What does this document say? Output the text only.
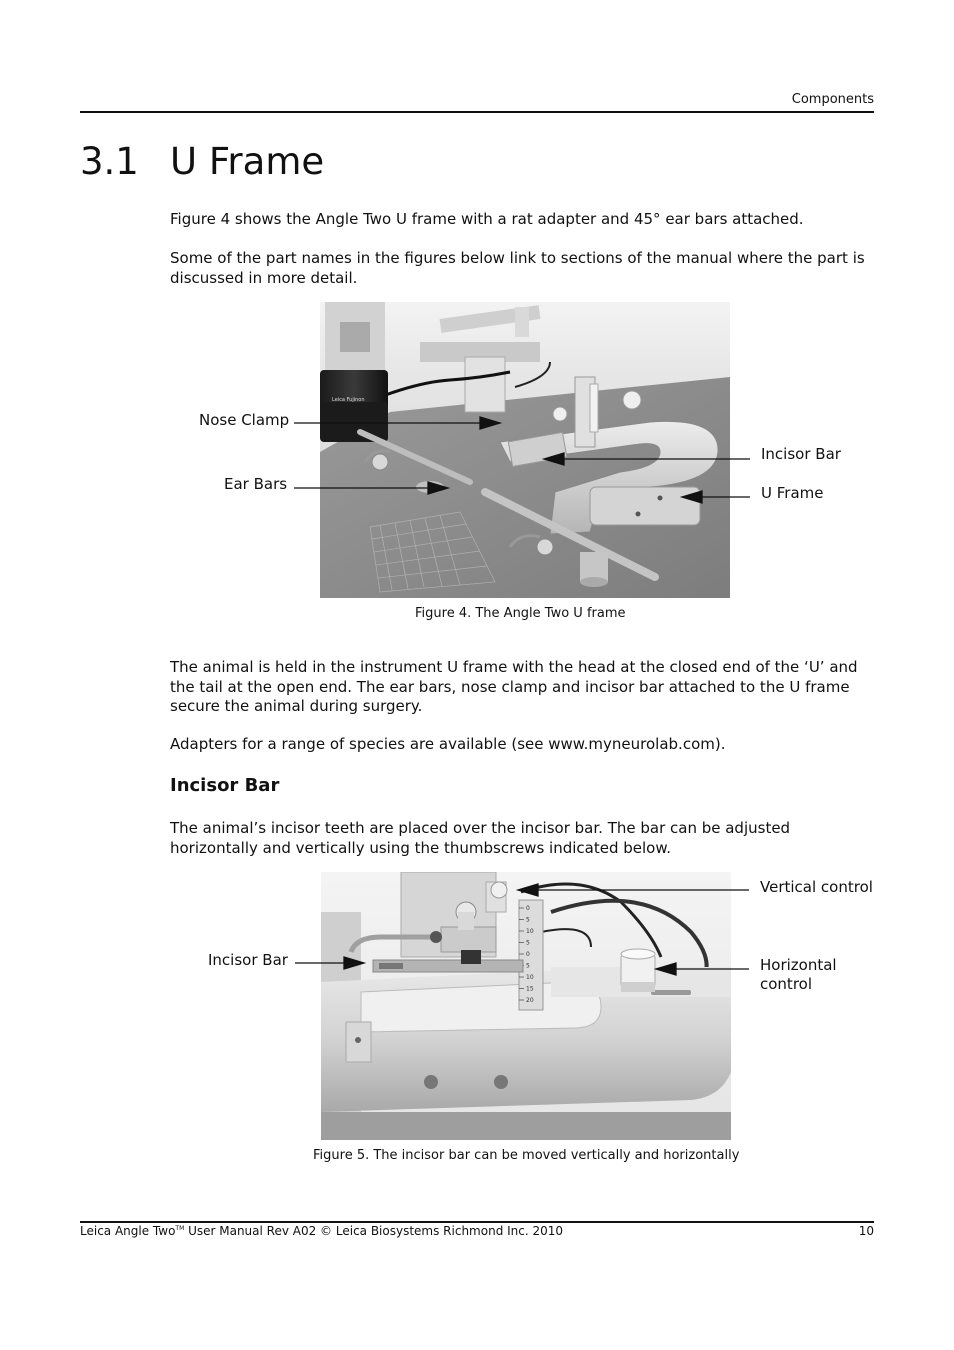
Components
3.1 U Frame
Figure 4 shows the Angle Two U frame with a rat adapter and 45° ear bars attached.
Some of the part names in the figures below link to sections of the manual where the part is discussed in more detail.
Leica Fujinon
Nose Clamp
Ear Bars
Incisor Bar
U Frame
Figure 4. The Angle Two U frame
The animal is held in the instrument U frame with the head at the closed end of the ‘U’ and the tail at the open end. The ear bars, nose clamp and incisor bar attached to the U frame secure the animal during surgery.
Adapters for a range of species are available (see www.myneurolab.com).
Incisor Bar
The animal’s incisor teeth are placed over the incisor bar. The bar can be adjusted horizontally and vertically using the thumbscrews indicated below.
0
5
10
5
0
5
10
15
20
Vertical control
Horizontal
control
Incisor Bar
Figure 5. The incisor bar can be moved vertically and horizontally
Leica Angle Two™ User Manual Rev A02 © Leica Biosystems Richmond Inc. 2010	10
